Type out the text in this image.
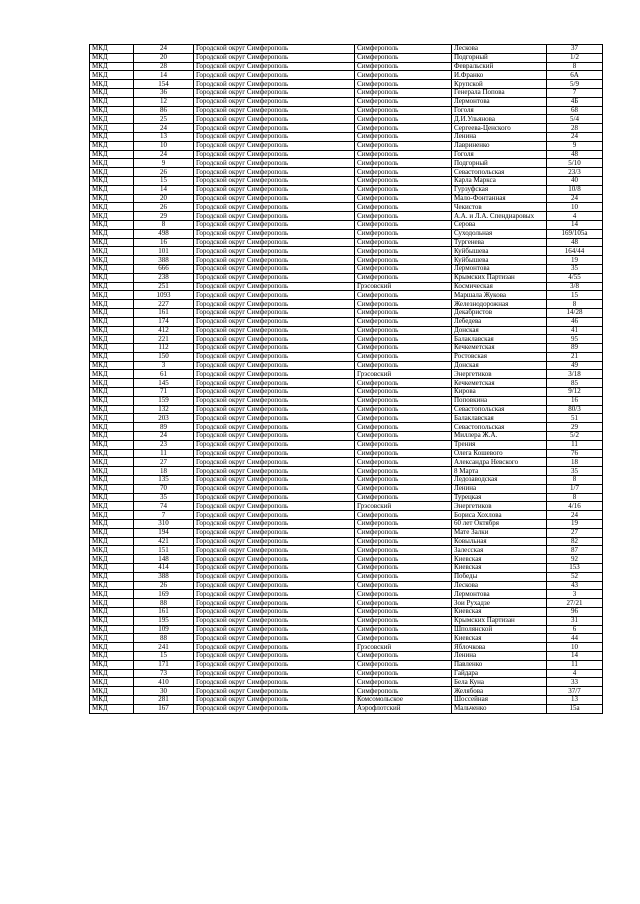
МКД	24	Городской округ Симферополь	Симферополь	Лескова	37
МКД	20	Городской округ Симферополь	Симферополь	Подгорный	1/2
МКД	28	Городской округ Симферополь	Симферополь	Февральский	8
МКД	14	Городской округ Симферополь	Симферополь	И.Франко	6А
МКД	154	Городской округ Симферополь	Симферополь	Крупской	5/9
МКД	36	Городской округ Симферополь	Симферополь	Генерала Попова	7
МКД	12	Городской округ Симферополь	Симферополь	Лермонтова	4Б
МКД	86	Городской округ Симферополь	Симферополь	Гоголя	68
МКД	25	Городской округ Симферополь	Симферополь	Д.И.Ульянова	5/4
МКД	24	Городской округ Симферополь	Симферополь	Сергеева-Ценского	28
МКД	13	Городской округ Симферополь	Симферополь	Ленина	24
МКД	10	Городской округ Симферополь	Симферополь	Лавриненко	9
МКД	24	Городской округ Симферополь	Симферополь	Гоголя	48
МКД	9	Городской округ Симферополь	Симферополь	Подгорный	5/10
МКД	26	Городской округ Симферополь	Симферополь	Севастопольская	23/3
МКД	15	Городской округ Симферополь	Симферополь	Карла Маркса	40
МКД	14	Городской округ Симферополь	Симферополь	Гурзуфская	10/8
МКД	20	Городской округ Симферополь	Симферополь	Мало-Фонтанная	24
МКД	26	Городской округ Симферополь	Симферополь	Чекистов	10
МКД	29	Городской округ Симферополь	Симферополь	А.А. и Л.А. Спендиаровых	4
МКД	8	Городской округ Симферополь	Симферополь	Серова	14
МКД	498	Городской округ Симферополь	Симферополь	Суходольная	169/105а
МКД	16	Городской округ Симферополь	Симферополь	Тургенева	48
МКД	101	Городской округ Симферополь	Симферополь	Куйбышева	164/44
МКД	388	Городской округ Симферополь	Симферополь	Куйбышева	19
МКД	666	Городской округ Симферополь	Симферополь	Лермонтова	35
МКД	238	Городской округ Симферополь	Симферополь	Крымских Партизан	4/55
МКД	251	Городской округ Симферополь	Грэсовский	Космическая	3/8
МКД	1093	Городской округ Симферополь	Симферополь	Маршала Жукова	15
МКД	227	Городской округ Симферополь	Симферополь	Железнодорожная	8
МКД	161	Городской округ Симферополь	Симферополь	Декабристов	14/28
МКД	174	Городской округ Симферополь	Симферополь	Лебедева	46
МКД	412	Городской округ Симферополь	Симферополь	Донская	41
МКД	221	Городской округ Симферополь	Симферополь	Балаклавская	95
МКД	112	Городской округ Симферополь	Симферополь	Кечкеметская	89
МКД	150	Городской округ Симферополь	Симферополь	Ростовская	21
МКД	3	Городской округ Симферополь	Симферополь	Донская	49
МКД	61	Городской округ Симферополь	Грэсовский	Энергетиков	3/18
МКД	145	Городской округ Симферополь	Симферополь	Кечкеметская	85
МКД	71	Городской округ Симферополь	Симферополь	Кирова	9/12
МКД	159	Городской округ Симферополь	Симферополь	Поповкина	16
МКД	132	Городской округ Симферополь	Симферополь	Севастопольская	80/3
МКД	203	Городской округ Симферополь	Симферополь	Балаклавская	51
МКД	89	Городской округ Симферополь	Симферополь	Севастопольская	29
МКД	24	Городской округ Симферополь	Симферополь	Миллера Ж.А.	5/2
МКД	23	Городской округ Симферополь	Симферополь	Трения	11
МКД	11	Городской округ Симферополь	Симферополь	Олега Кошевого	76
МКД	27	Городской округ Симферополь	Симферополь	Александра Невского	18
МКД	18	Городской округ Симферополь	Симферополь	8 Марта	35
МКД	135	Городской округ Симферополь	Симферополь	Ледозаводская	8
МКД	70	Городской округ Симферополь	Симферополь	Ленина	1/7
МКД	35	Городской округ Симферополь	Симферополь	Турецкая	8
МКД	74	Городской округ Симферополь	Грэсовский	Энергетиков	4/16
МКД	7	Городской округ Симферополь	Симферополь	Бориса Хохлова	24
МКД	310	Городской округ Симферополь	Симферополь	60 лет Октября	19
МКД	194	Городской округ Симферополь	Симферополь	Мате Залки	27
МКД	421	Городской округ Симферополь	Симферополь	Ковыльная	82
МКД	151	Городской округ Симферополь	Симферополь	Залесская	87
МКД	148	Городской округ Симферополь	Симферополь	Киевская	92
МКД	414	Городской округ Симферополь	Симферополь	Киевская	153
МКД	388	Городской округ Симферополь	Симферополь	Победы	52
МКД	26	Городской округ Симферополь	Симферополь	Лескова	43
МКД	169	Городской округ Симферополь	Симферополь	Лермонтова	3
МКД	88	Городской округ Симферополь	Симферополь	Зои Рухадзе	27/21
МКД	161	Городской округ Симферополь	Симферополь	Киевская	96
МКД	195	Городской округ Симферополь	Симферополь	Крымских Партизан	31
МКД	109	Городской округ Симферополь	Симферополь	Шполянской	6
МКД	88	Городской округ Симферополь	Симферополь	Киевская	44
МКД	241	Городской округ Симферополь	Грэсовский	Яблочкова	10
МКД	15	Городской округ Симферополь	Симферополь	Ленина	14
МКД	171	Городской округ Симферополь	Симферополь	Павленко	11
МКД	73	Городской округ Симферополь	Симферополь	Гайдара	4
МКД	410	Городской округ Симферополь	Симферополь	Бела Куна	33
МКД	30	Городской округ Симферополь	Симферополь	Желябова	37/7
МКД	281	Городской округ Симферополь	Комсомольское	Шоссейная	13
МКД	167	Городской округ Симферополь	Аэрофлотский	Мальченко	15а
